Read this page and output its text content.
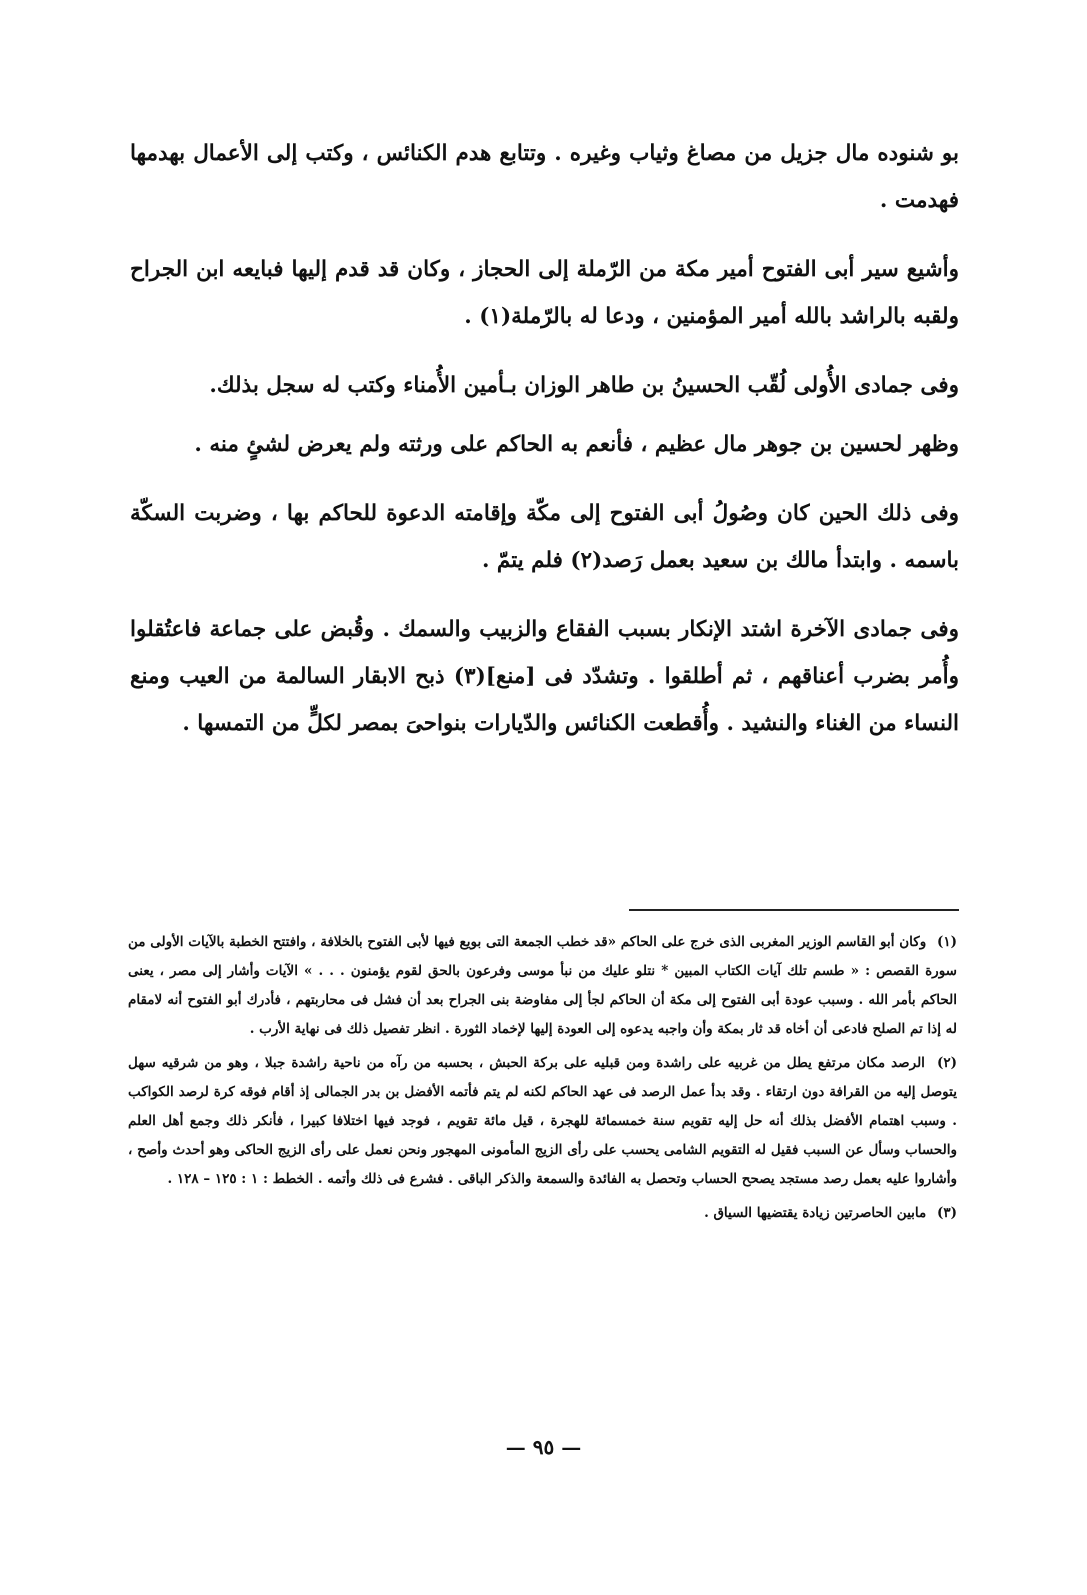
بو شنوده مال جزيل من مصاغ وثياب وغيره . وتتابع هدم الكنائس ، وكتب إلى الأعمال بهدمها فهدمت .

وأشيع سير أبى الفتوح أمير مكة من الرّملة إلى الحجاز ، وكان قد قدم إليها فبايعه ابن الجراح ولقبه بالراشد بالله أمير المؤمنين ، ودعا له بالرّملة(١) .

وفى جمادى الأُولى لُقّب الحسينُ بن طاهر الوزان بـأمين الأُمناء وكتب له سجل بذلك.

وظهر لحسين بن جوهر مال عظيم ، فأنعم به الحاكم على ورثته ولم يعرض لشئٍ منه .

وفى ذلك الحين كان وصُولُ أبى الفتوح إلى مكّة وإقامته الدعوة للحاكم بها ، وضربت السكّة باسمه . وابتدأ مالك بن سعيد بعمل رَصد(٢) فلم يتمّ .

وفى جمادى الآخرة اشتد الإنكار بسبب الفقاع والزبيب والسمك . وقُبض على جماعة فاعتُقلوا وأُمر بضرب أعناقهم ، ثم أطلقوا . وتشدّد فى [منع](٣) ذبح الابقار السالمة من العيب ومنع النساء من الغناء والنشيد . وأُقطعت الكنائس والدّيارات بنواحىَ بمصر لكلٍّ من التمسها .

(١) وكان أبو القاسم الوزير المغربى الذى خرج على الحاكم «قد خطب الجمعة التى بويع فيها لأبى الفتوح بالخلافة ، وافتتح الخطبة بالآيات الأولى من سورة القصص : « طسم تلك آيات الكتاب المبين * نتلو عليك من نبأ موسى وفرعون بالحق لقوم يؤمنون . . . » الآيات وأشار إلى مصر ، يعنى الحاكم بأمر الله . وسبب عودة أبى الفتوح إلى مكة أن الحاكم لجأ إلى مفاوضة بنى الجراح بعد أن فشل فى محاربتهم ، فأدرك أبو الفتوح أنه لامقام له إذا تم الصلح فادعى أن أخاه قد ثار بمكة وأن واجبه يدعوه إلى العودة إليها لإخماد الثورة . انظر تفصيل ذلك فى نهاية الأرب .

(٢) الرصد مكان مرتفع يطل من غربيه على راشدة ومن قبليه على بركة الحبش ، بحسبه من رآه من ناحية راشدة جبلا ، وهو من شرقيه سهل يتوصل إليه من القرافة دون ارتقاء . وقد بدأ عمل الرصد فى عهد الحاكم لكنه لم يتم فأتمه الأفضل بن بدر الجمالى إذ أقام فوقه كرة لرصد الكواكب . وسبب اهتمام الأفضل بذلك أنه حل إليه تقويم سنة خمسمائة للهجرة ، قيل مائة تقويم ، فوجد فيها اختلافا كبيرا ، فأنكر ذلك وجمع أهل العلم والحساب وسأل عن السبب فقيل له التقويم الشامى يحسب على رأى الزيج المأمونى المهجور ونحن نعمل على رأى الزيج الحاكى وهو أحدث وأصح ، وأشاروا عليه بعمل رصد مستجد يصحح الحساب وتحصل به الفائدة والسمعة والذكر الباقى . فشرع فى ذلك وأتمه . الخطط : ١ : ١٢٥ – ١٢٨ .

(٣) مابين الحاصرتين زيادة يقتضيها السياق .

— ٩٥ —
